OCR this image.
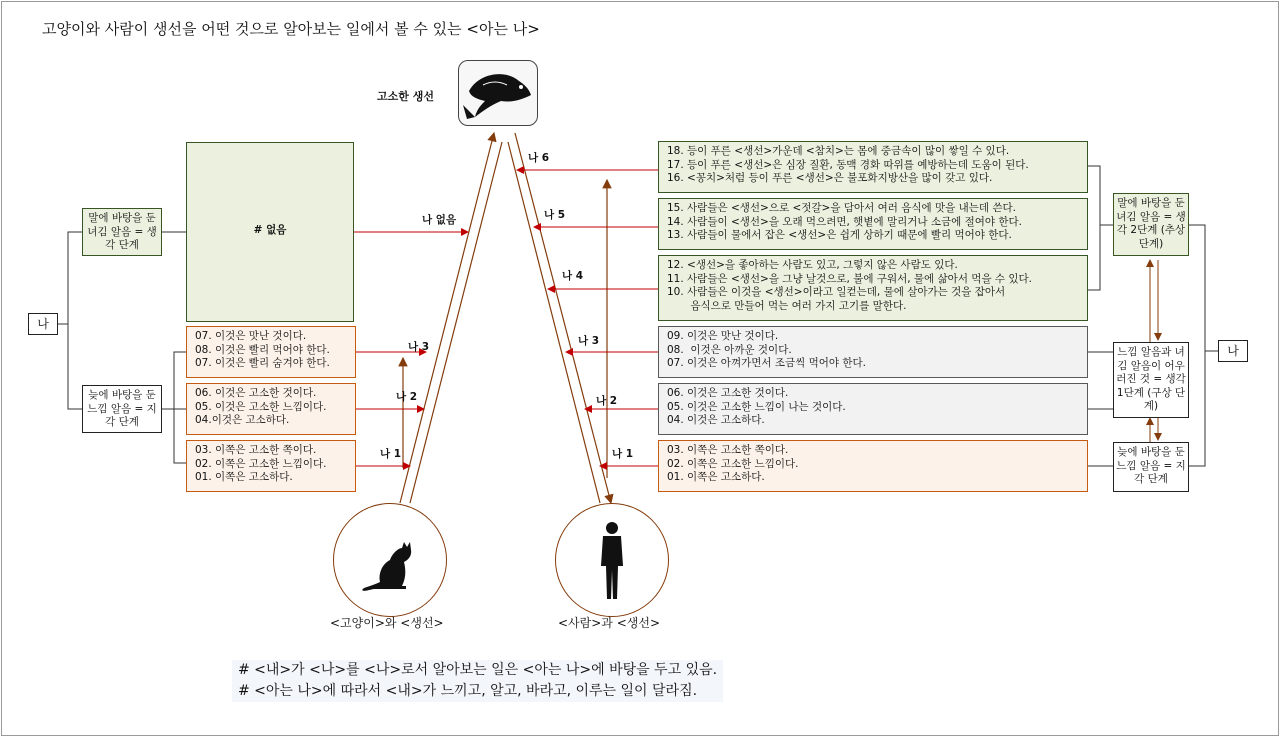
고양이와 사람이 생선을 어떤 것으로 알아보는 일에서 볼 수 있는 <아는 나>
고소한 생선
나
말에 바탕을 둔 녀김 알음 = 생각 단계
늦에 바탕을 둔 느낌 알음 = 지각 단계
# 없음
07. 이것은 맛난 것이다.
08. 이것은 빨리 먹어야 한다.
07. 이것은 빨리 숨겨야 한다.
06. 이것은 고소한 것이다.
05. 이것은 고소한 느낌이다.
04.이것은 고소하다.
03. 이쪽은 고소한 쪽이다.
02. 이쪽은 고소한 느낌이다.
01. 이쪽은 고소하다.
나 없음
나 3
나 2
나 1
나 6
나 5
나 4
나 3
나 2
나 1
18. 등이 푸른 <생선>가운데 <참치>는 몸에 중금속이 많이 쌓일 수 있다.
17. 등이 푸른 <생선>은 심장 질환, 동맥 경화 따위를 예방하는데 도움이 된다.
16. <꽁치>처럼 등이 푸른 <생선>은 불포화지방산을 많이 갖고 있다.
15. 사람들은 <생선>으로 <젓갈>을 담아서 여러 음식에 맛을 내는데 쓴다.
14. 사람들이 <생선>을 오래 먹으려면, 햇볕에 말리거나 소금에 절여야 한다.
13. 사람들이 물에서 잡은 <생선>은 쉽게 상하기 때문에 빨리 먹어야 한다.
12. <생선>을 좋아하는 사람도 있고, 그렇지 않은 사람도 있다.
11. 사람들은 <생선>을 그냥 날것으로, 불에 구워서, 물에 삶아서 먹을 수 있다.
10. 사람들은 이것을 <생선>이라고 일컫는데, 물에 살아가는 것을 잡아서
음식으로 만들어 먹는 여러 가지 고기를 말한다.
09. 이것은 맛난 것이다.
08.  이것은 아까운 것이다.
07. 이것은 아껴가면서 조금씩 먹어야 한다.
06. 이것은 고소한 것이다.
05. 이것은 고소한 느낌이 나는 것이다.
04. 이것은 고소하다.
03. 이쪽은 고소한 쪽이다.
02. 이쪽은 고소한 느낌이다.
01. 이쪽은 고소하다.
말에 바탕을 둔 녀김 알음 = 생각 2단계 (추상 단계)
느낌 알음과 녀김 알음이 어우러진 것 = 생각 1단계 (구상 단계)
늦에 바탕을 둔 느낌 알음 = 지각 단계
나
<고양이>와 <생선>	<사람>과 <생선>
# <내>가 <나>를 <나>로서 알아보는 일은 <아는 나>에 바탕을 두고 있음.
# <아는 나>에 따라서 <내>가 느끼고, 알고, 바라고, 이루는 일이 달라짐.
